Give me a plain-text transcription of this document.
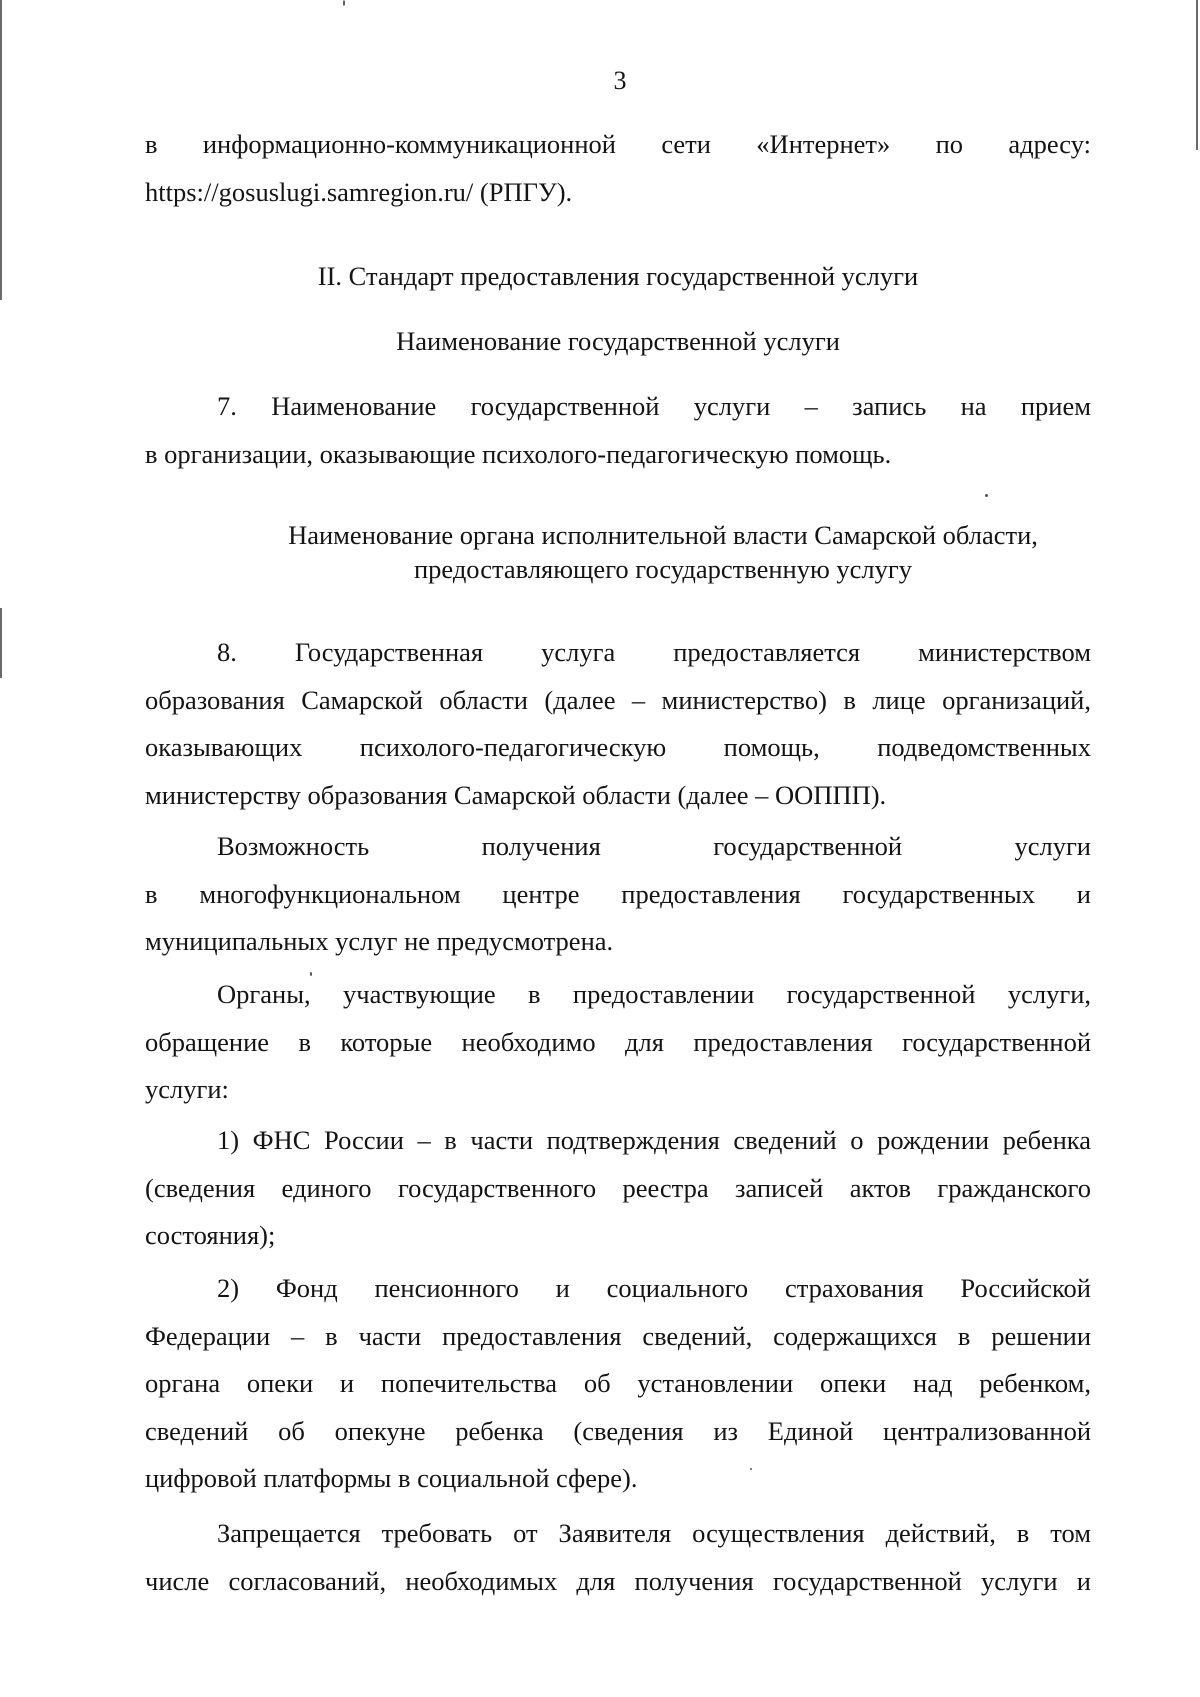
3
в информационно-коммуникационной сети «Интернет» по адресу:
https://gosuslugi.samregion.ru/ (РПГУ).
II. Стандарт предоставления государственной услуги
Наименование государственной услуги
7. Наименование государственной услуги – запись на прием
в организации, оказывающие психолого-педагогическую помощь.
Наименование органа исполнительной власти Самарской области,
предоставляющего государственную услугу
8. Государственная услуга предоставляется министерством
образования Самарской области (далее – министерство) в лице организаций,
оказывающих психолого-педагогическую помощь, подведомственных
министерству образования Самарской области (далее – ООППП).
Возможность получения государственной услуги
в многофункциональном центре предоставления государственных и
муниципальных услуг не предусмотрена.
Органы, участвующие в предоставлении государственной услуги,
обращение в которые необходимо для предоставления государственной
услуги:
1) ФНС России – в части подтверждения сведений о рождении ребенка
(сведения единого государственного реестра записей актов гражданского
состояния);
2) Фонд пенсионного и социального страхования Российской
Федерации – в части предоставления сведений, содержащихся в решении
органа опеки и попечительства об установлении опеки над ребенком,
сведений об опекуне ребенка (сведения из Единой централизованной
цифровой платформы в социальной сфере).
Запрещается требовать от Заявителя осуществления действий, в том
числе согласований, необходимых для получения государственной услуги и
